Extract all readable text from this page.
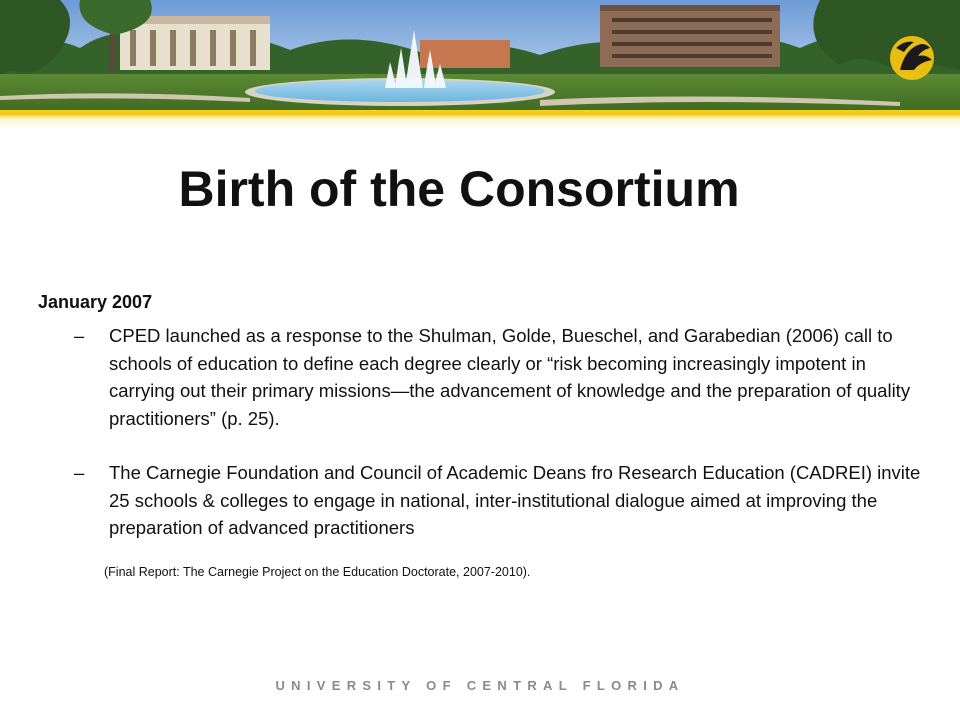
Birth of the Consortium

January 2007

– CPED launched as a response to the Shulman, Golde, Bueschel, and Garabedian (2006) call to schools of education to define each degree clearly or “risk becoming increasingly impotent in carrying out their primary missions—the advancement of knowledge and the preparation of quality practitioners” (p. 25).

– The Carnegie Foundation and Council of Academic Deans fro Research Education (CADREI) invite 25 schools & colleges to engage in national, inter-institutional dialogue aimed at improving the preparation of advanced practitioners

(Final Report: The Carnegie Project on the Education Doctorate, 2007-2010).

UNIVERSITY OF CENTRAL FLORIDA
